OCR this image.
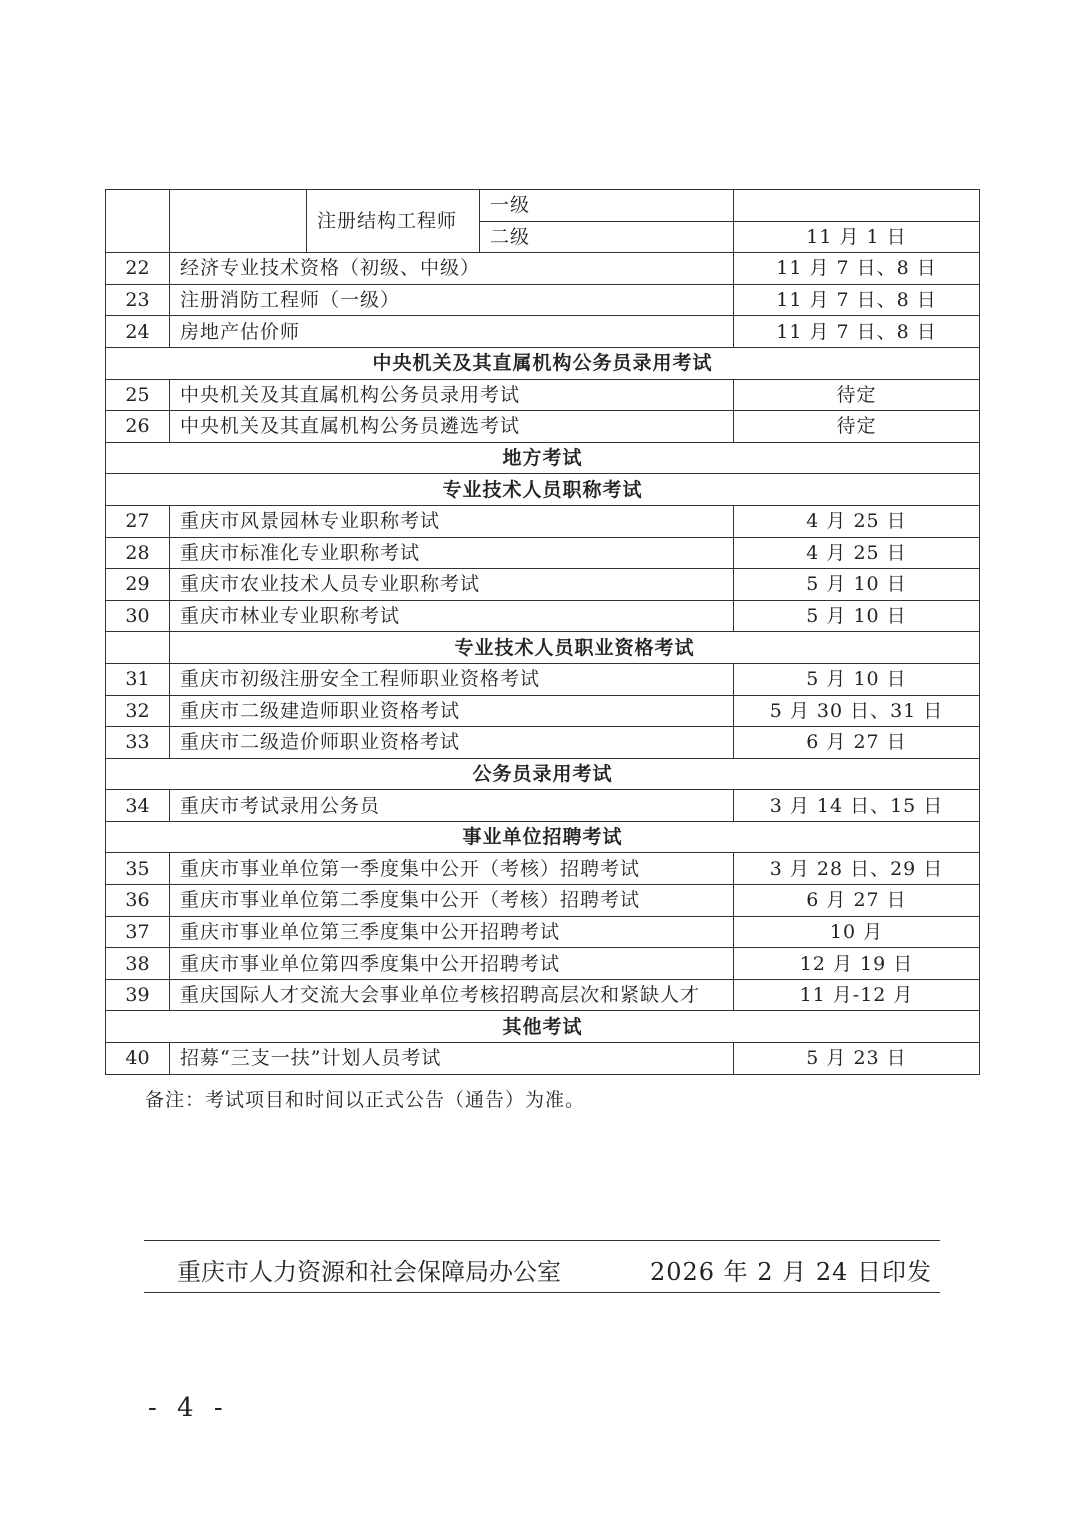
		注册结构工程师	一级	
			二级	11 月 1 日
22	经济专业技术资格（初级、中级）			11 月 7 日、8 日
23	注册消防工程师（一级）			11 月 7 日、8 日
24	房地产估价师			11 月 7 日、8 日
中央机关及其直属机构公务员录用考试				
25	中央机关及其直属机构公务员录用考试			待定
26	中央机关及其直属机构公务员遴选考试			待定
地方考试				
专业技术人员职称考试				
27	重庆市风景园林专业职称考试			4 月 25 日
28	重庆市标准化专业职称考试			4 月 25 日
29	重庆市农业技术人员专业职称考试			5 月 10 日
30	重庆市林业专业职称考试			5 月 10 日
	专业技术人员职业资格考试			
31	重庆市初级注册安全工程师职业资格考试			5 月 10 日
32	重庆市二级建造师职业资格考试			5 月 30 日、31 日
33	重庆市二级造价师职业资格考试			6 月 27 日
公务员录用考试				
34	重庆市考试录用公务员			3 月 14 日、15 日
事业单位招聘考试				
35	重庆市事业单位第一季度集中公开（考核）招聘考试			3 月 28 日、29 日
36	重庆市事业单位第二季度集中公开（考核）招聘考试			6 月 27 日
37	重庆市事业单位第三季度集中公开招聘考试			10 月
38	重庆市事业单位第四季度集中公开招聘考试			12 月 19 日
39	重庆国际人才交流大会事业单位考核招聘高层次和紧缺人才			11 月-12 月
其他考试				
40	招募“三支一扶”计划人员考试			5 月 23 日

备注：考试项目和时间以正式公告（通告）为准。

重庆市人力资源和社会保障局办公室	2026 年 2 月 24 日印发

- 4 -
